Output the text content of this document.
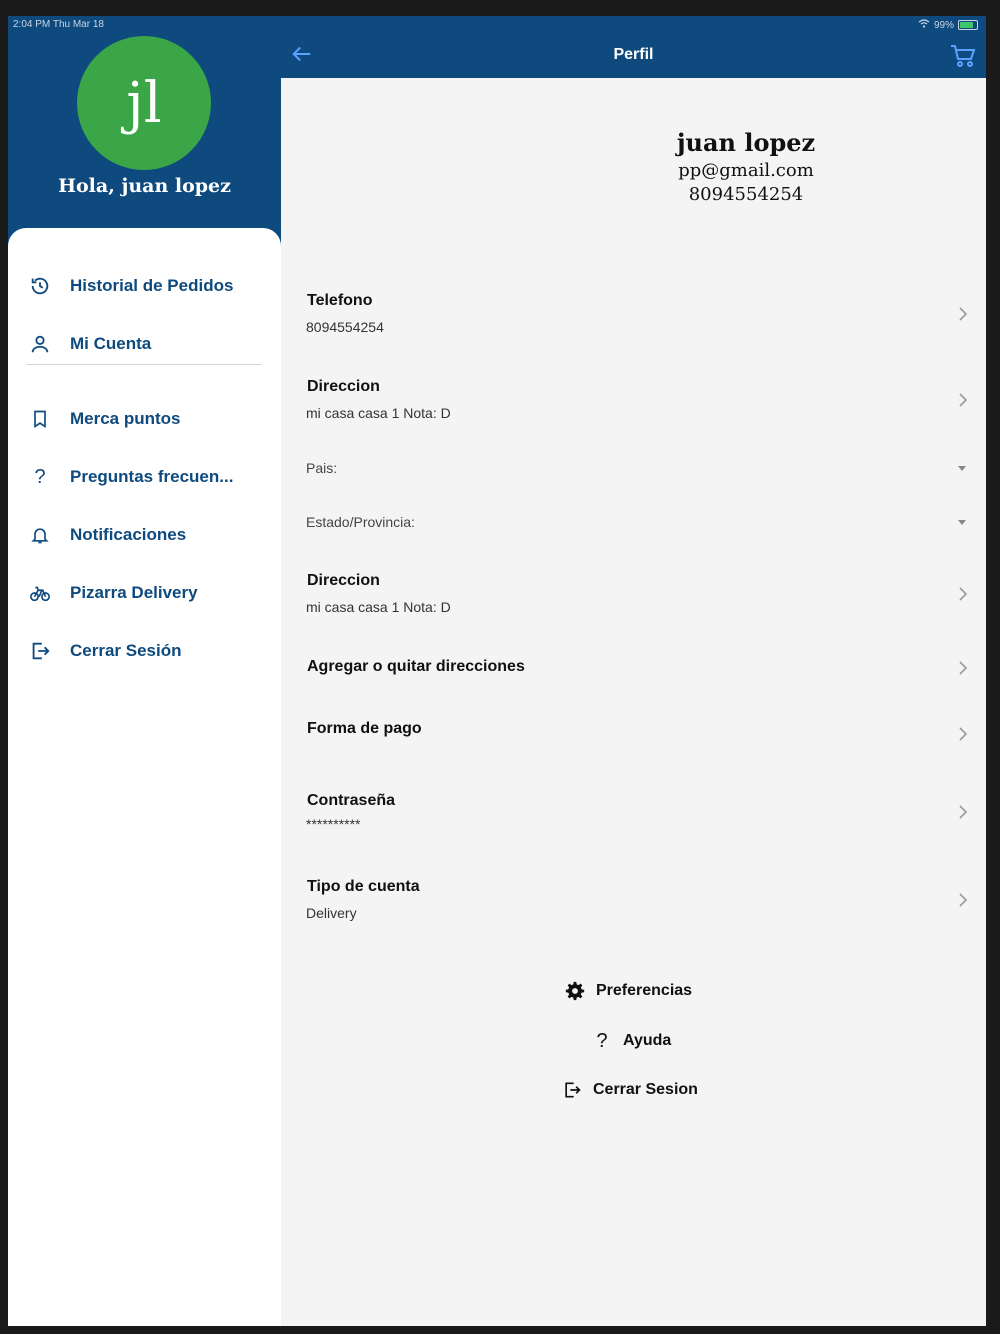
2:04 PM Thu Mar 18	99%
jl
Hola, juan lopez
Historial de Pedidos
Mi Cuenta
Merca puntos
?	Preguntas frecuen...
Notificaciones
Pizarra Delivery
Cerrar Sesión
Perfil
juan lopez
pp@gmail.com
8094554254
Telefono
8094554254
Direccion
mi casa casa 1 Nota: D
Pais:
Estado/Provincia:
Direccion
mi casa casa 1 Nota: D
Agregar o quitar direcciones
Forma de pago
Contraseña
**********
Tipo de cuenta
Delivery
Preferencias
? Ayuda
Cerrar Sesion
